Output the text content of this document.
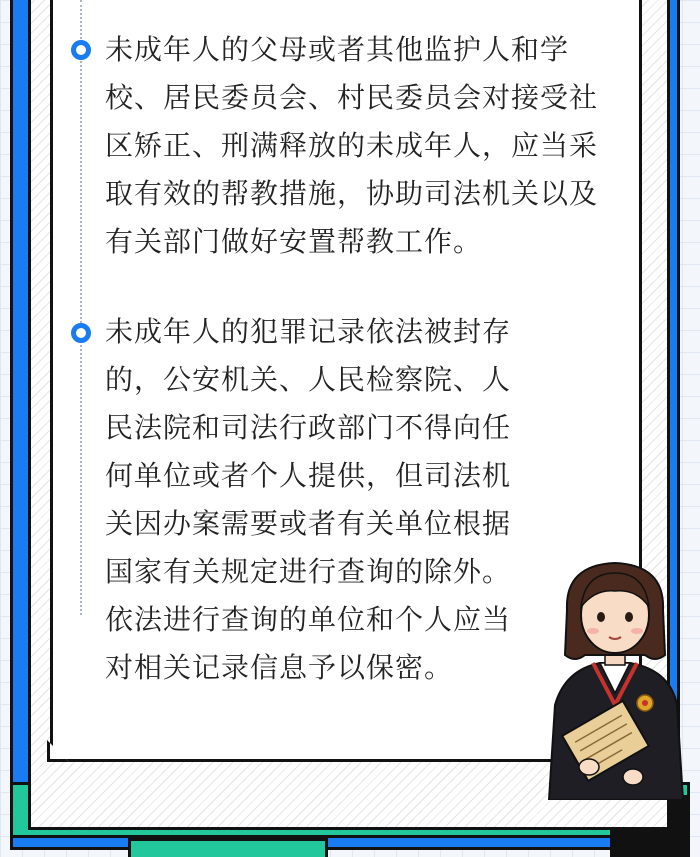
未成年人的父母或者其他监护人和学
校、居民委员会、村民委员会对接受社
区矫正、刑满释放的未成年人，应当采
取有效的帮教措施，协助司法机关以及
有关部门做好安置帮教工作。
未成年人的犯罪记录依法被封存
的，公安机关、人民检察院、人
民法院和司法行政部门不得向任
何单位或者个人提供，但司法机
关因办案需要或者有关单位根据
国家有关规定进行查询的除外。
依法进行查询的单位和个人应当
对相关记录信息予以保密。
